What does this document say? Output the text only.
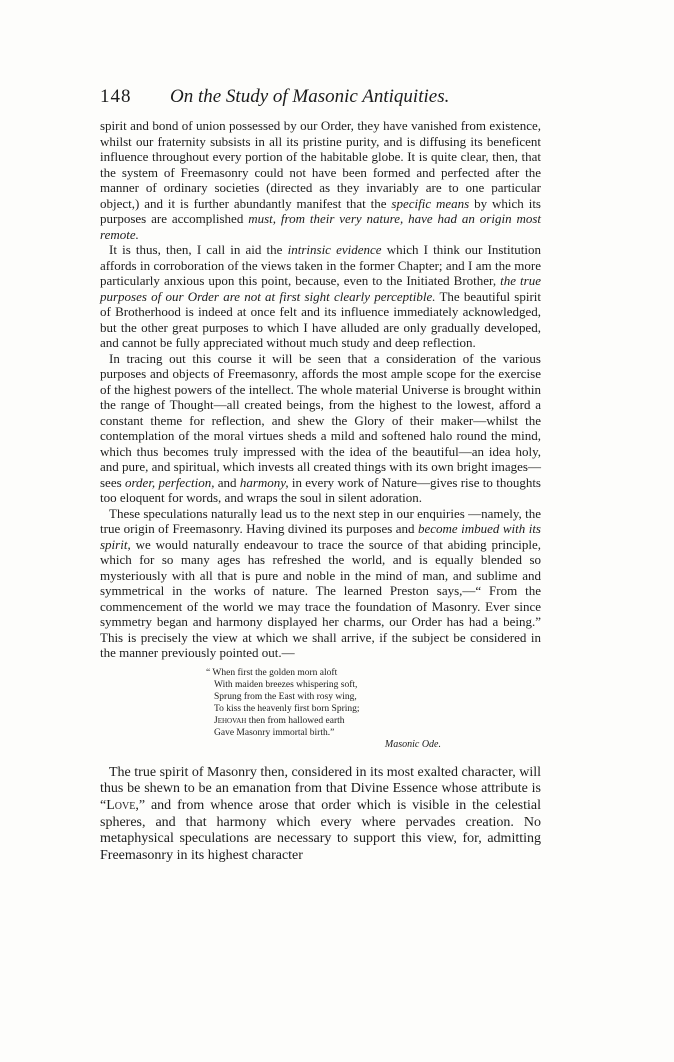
148	On the Study of Masonic Antiquities.

spirit and bond of union possessed by our Order, they have vanished from existence, whilst our fraternity subsists in all its pristine purity, and is diffusing its beneficent influence throughout every portion of the habitable globe. It is quite clear, then, that the system of Freemasonry could not have been formed and perfected after the manner of ordinary societies (directed as they invariably are to one particular object,) and it is further abundantly manifest that the specific means by which its purposes are accomplished must, from their very nature, have had an origin most remote.

It is thus, then, I call in aid the intrinsic evidence which I think our Institution affords in corroboration of the views taken in the former Chapter; and I am the more particularly anxious upon this point, because, even to the Initiated Brother, the true purposes of our Order are not at first sight clearly perceptible. The beautiful spirit of Brotherhood is indeed at once felt and its influence immediately acknowledged, but the other great purposes to which I have alluded are only gradually developed, and cannot be fully appreciated without much study and deep reflection.

In tracing out this course it will be seen that a consideration of the various purposes and objects of Freemasonry, affords the most ample scope for the exercise of the highest powers of the intellect. The whole material Universe is brought within the range of Thought—all created beings, from the highest to the lowest, afford a constant theme for reflection, and shew the Glory of their maker—whilst the contemplation of the moral virtues sheds a mild and softened halo round the mind, which thus becomes truly impressed with the idea of the beautiful—an idea holy, and pure, and spiritual, which invests all created things with its own bright images—sees order, perfection, and harmony, in every work of Nature—gives rise to thoughts too eloquent for words, and wraps the soul in silent adoration.

These speculations naturally lead us to the next step in our enquiries —namely, the true origin of Freemasonry. Having divined its purposes and become imbued with its spirit, we would naturally endeavour to trace the source of that abiding principle, which for so many ages has refreshed the world, and is equally blended so mysteriously with all that is pure and noble in the mind of man, and sublime and symmetrical in the works of nature. The learned Preston says,—“ From the commencement of the world we may trace the foundation of Masonry. Ever since symmetry began and harmony displayed her charms, our Order has had a being.” This is precisely the view at which we shall arrive, if the subject be considered in the manner previously pointed out.—

“ When first the golden morn aloft
With maiden breezes whispering soft,
Sprung from the East with rosy wing,
To kiss the heavenly first born Spring;
Jehovah then from hallowed earth
Gave Masonry immortal birth.”
Masonic Ode.

The true spirit of Masonry then, considered in its most exalted character, will thus be shewn to be an emanation from that Divine Essence whose attribute is “Love,” and from whence arose that order which is visible in the celestial spheres, and that harmony which every where pervades creation. No metaphysical speculations are necessary to support this view, for, admitting Freemasonry in its highest character
